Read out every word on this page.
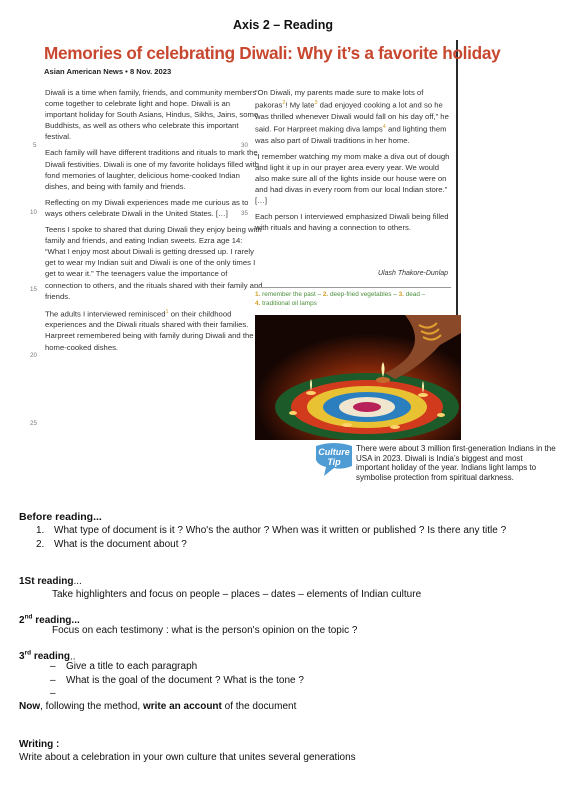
Axis 2 – Reading
Memories of celebrating Diwali: Why it’s a favorite holiday
Asian American News • 8 Nov. 2023
5
10
15
20
25
30
35

Diwali is a time when family, friends, and community members come together to celebrate light and hope. Diwali is an important holiday for South Asians, Hindus, Sikhs, Jains, some Buddhists, as well as others who celebrate this important festival.

Each family will have different traditions and rituals to mark the Diwali festivities. Diwali is one of my favorite holidays filled with fond memories of laughter, delicious home-cooked Indian dishes, and being with family and friends.

Reflecting on my Diwali experiences made me curious as to ways others celebrate Diwali in the United States. […]

Teens I spoke to shared that during Diwali they enjoy being with family and friends, and eating Indian sweets. Ezra age 14: “What I enjoy most about Diwali is getting dressed up. I rarely get to wear my Indian suit and Diwali is one of the only times I get to wear it.” The teenagers value the importance of connection to others, and the rituals shared with their family and friends.

The adults I interviewed reminisced$^1$ on their childhood experiences and the Diwali rituals shared with their families. Harpreet remembered being with family during Diwali and the home-cooked dishes.

“On Diwali, my parents made sure to make lots of pakoras$^2$! My late$^3$ dad enjoyed cooking a lot and so he was thrilled whenever Diwali would fall on his day off,” he said. For Harpreet making diva lamps$^4$ and lighting them was also part of Diwali traditions in her home.

“I remember watching my mom make a diva out of dough and light it up in our prayer area every year. We would also make sure all of the lights inside our house were on and had divas in every room from our local Indian store.” […]

Each person I interviewed emphasized Diwali being filled with rituals and having a connection to others.

Ulash Thakore-Dunlap
1. remember the past – 2. deep-fried vegetables – 3. dead –
4. traditional oil lamps
Culture
Tip
There were about 3 million first-generation Indians in the USA in 2023. Diwali is India’s biggest and most important holiday of the year. Indians light lamps to symbolise protection from spiritual darkness.
Before reading...
1. What type of document is it ? Who's the author ? When was it written or published ? Is there any title ?
2. What is the document about ?
1St reading...
Take highlighters and focus on people – places – dates – elements of Indian culture
2nd reading...
Focus on each testimony : what is the person's opinion on the topic ?
3rd reading..
– Give a title to each paragraph
– What is the goal of the document ? What is the tone ?
–
Now, following the method, write an account of the document
Writing :
Write about a celebration in your own culture that unites several generations
